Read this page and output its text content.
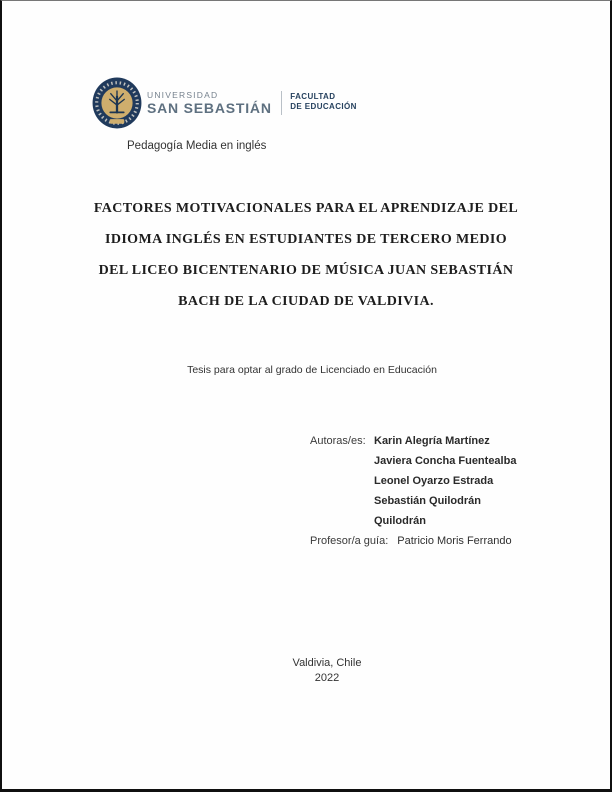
UNIVERSIDAD
SAN SEBASTIÁN
FACULTAD
DE EDUCACIÓN
Pedagogía Media en inglés
FACTORES MOTIVACIONALES PARA EL APRENDIZAJE DEL
IDIOMA INGLÉS EN ESTUDIANTES DE TERCERO MEDIO
DEL LICEO BICENTENARIO DE MÚSICA JUAN SEBASTIÁN
BACH DE LA CIUDAD DE VALDIVIA.
Tesis para optar al grado de Licenciado en Educación
Autoras/es: Karin Alegría Martínez
Javiera Concha Fuentealba
Leonel Oyarzo Estrada
Sebastián Quilodrán
Quilodrán
Profesor/a guía: Patricio Moris Ferrando
Valdivia, Chile
2022
